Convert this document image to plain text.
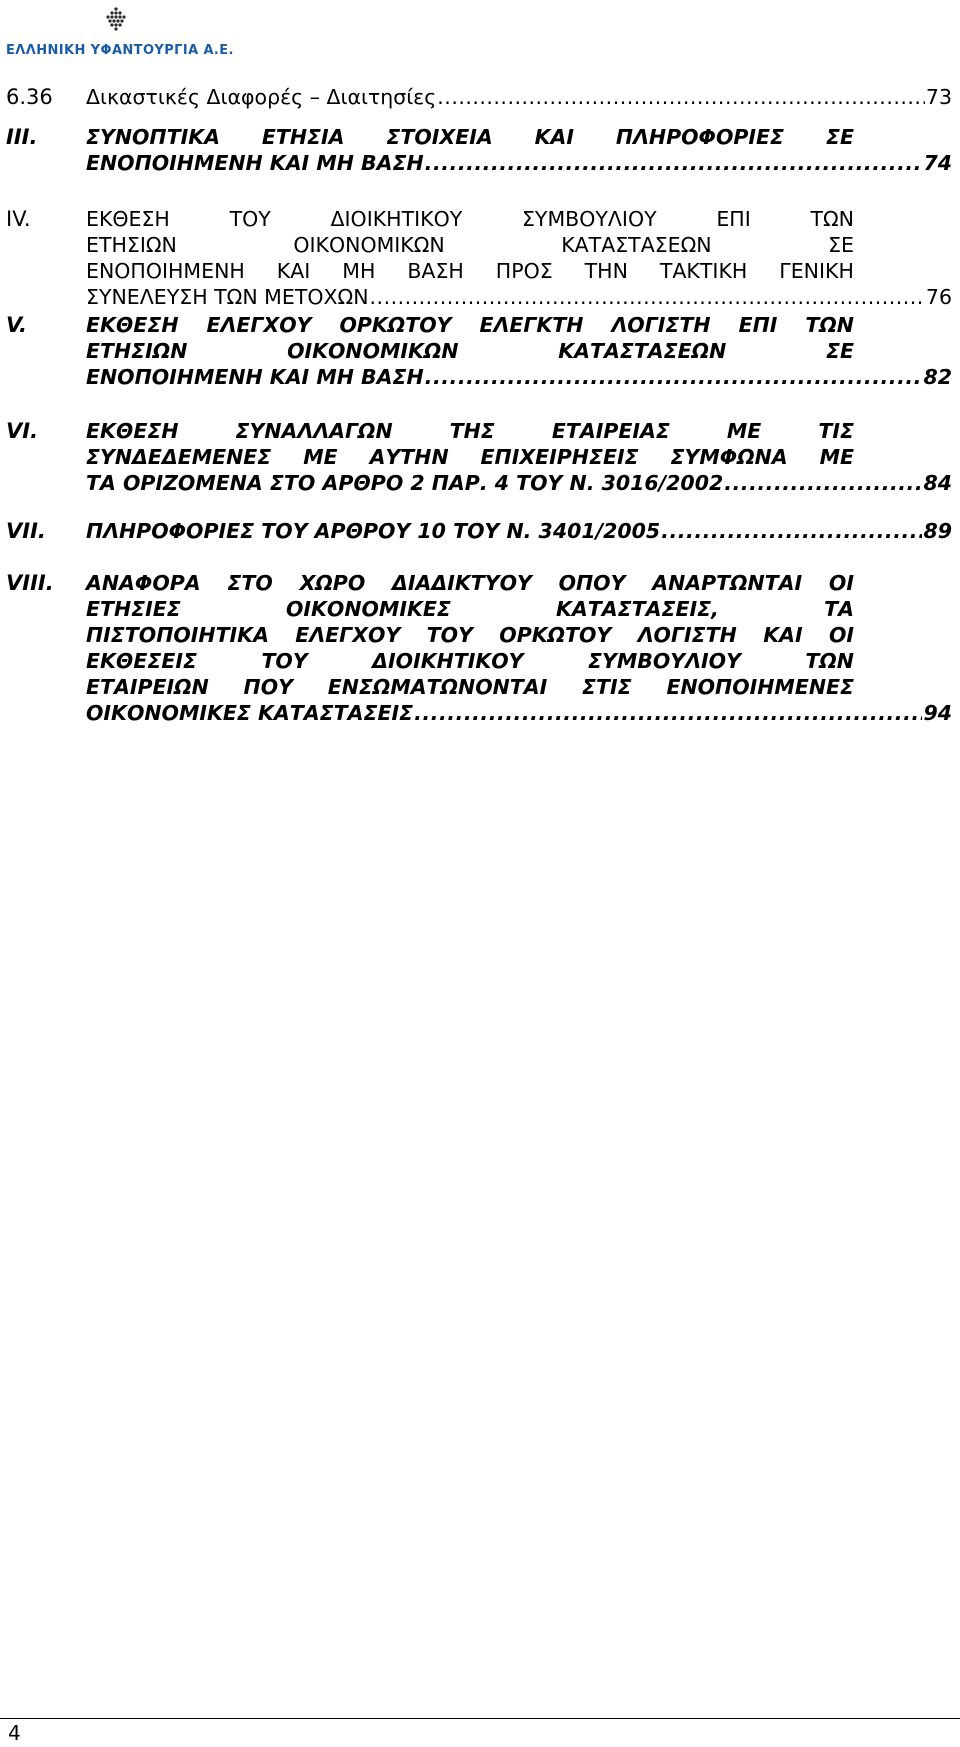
ΕΛΛΗΝΙΚΗ ΥΦΑΝΤΟΥΡΓΙΑ Α.Ε.
6.36 Δικαστικές Διαφορές – Διαιτησίες .....	73
III. ΣΥΝΟΠΤΙΚΑ ΕΤΗΣΙΑ ΣΤΟΙΧΕΙΑ ΚΑΙ ΠΛΗΡΟΦΟΡΙΕΣ ΣΕ
ΕΝΟΠΟΙΗΜΕΝΗ ΚΑΙ ΜΗ ΒΑΣΗ .....	74
IV.	ΕΚΘΕΣΗ	ΤΟΥ	ΔΙΟΙΚΗΤΙΚΟΥ	ΣΥΜΒΟΥΛΙΟΥ	ΕΠΙ	ΤΩΝ
ΕΤΗΣΙΩΝ	ΟΙΚΟΝΟΜΙΚΩΝ	ΚΑΤΑΣΤΑΣΕΩΝ	ΣΕ
ΕΝΟΠΟΙΗΜΕΝΗ ΚΑΙ ΜΗ ΒΑΣΗ ΠΡΟΣ ΤΗΝ ΤΑΚΤΙΚΗ ΓΕΝΙΚΗ
ΣΥΝΕΛΕΥΣΗ ΤΩΝ ΜΕΤΟΧΩΝ .....	76
V.	ΕΚΘΕΣΗ ΕΛΕΓΧΟΥ ΟΡΚΩΤΟΥ ΕΛΕΓΚΤΗ ΛΟΓΙΣΤΗ ΕΠΙ ΤΩΝ
ΕΤΗΣΙΩΝ	ΟΙΚΟΝΟΜΙΚΩΝ	ΚΑΤΑΣΤΑΣΕΩΝ	ΣΕ
ΕΝΟΠΟΙΗΜΕΝΗ ΚΑΙ ΜΗ ΒΑΣΗ .....	82
VI. ΕΚΘΕΣΗ	ΣΥΝΑΛΛΑΓΩΝ	ΤΗΣ	ΕΤΑΙΡΕΙΑΣ	ΜΕ	ΤΙΣ
ΣΥΝΔΕΔΕΜΕΝΕΣ ΜΕ ΑΥΤΗΝ ΕΠΙΧΕΙΡΗΣΕΙΣ ΣΥΜΦΩΝΑ ΜΕ
ΤΑ ΟΡΙΖΟΜΕΝΑ ΣΤΟ ΑΡΘΡΟ 2 ΠΑΡ. 4 ΤΟΥ Ν. 3016/2002 .....	84
VII. ΠΛΗΡΟΦΟΡΙΕΣ ΤΟΥ ΑΡΘΡΟΥ 10 ΤΟΥ Ν. 3401/2005 .....	89
VIII. ΑΝΑΦΟΡΑ ΣΤΟ ΧΩΡΟ ΔΙΑΔΙΚΤΥΟΥ ΟΠΟΥ ΑΝΑΡΤΩΝΤΑΙ ΟΙ
ΕΤΗΣΙΕΣ	ΟΙΚΟΝΟΜΙΚΕΣ	ΚΑΤΑΣΤΑΣΕΙΣ,	ΤΑ
ΠΙΣΤΟΠΟΙΗΤΙΚΑ ΕΛΕΓΧΟΥ ΤΟΥ ΟΡΚΩΤΟΥ ΛΟΓΙΣΤΗ ΚΑΙ ΟΙ
ΕΚΘΕΣΕΙΣ	ΤΟΥ	ΔΙΟΙΚΗΤΙΚΟΥ	ΣΥΜΒΟΥΛΙΟΥ	ΤΩΝ
ΕΤΑΙΡΕΙΩΝ ΠΟΥ ΕΝΣΩΜΑΤΩΝΟΝΤΑΙ ΣΤΙΣ ΕΝΟΠΟΙΗΜΕΝΕΣ
ΟΙΚΟΝΟΜΙΚΕΣ ΚΑΤΑΣΤΑΣΕΙΣ .....	94
4
